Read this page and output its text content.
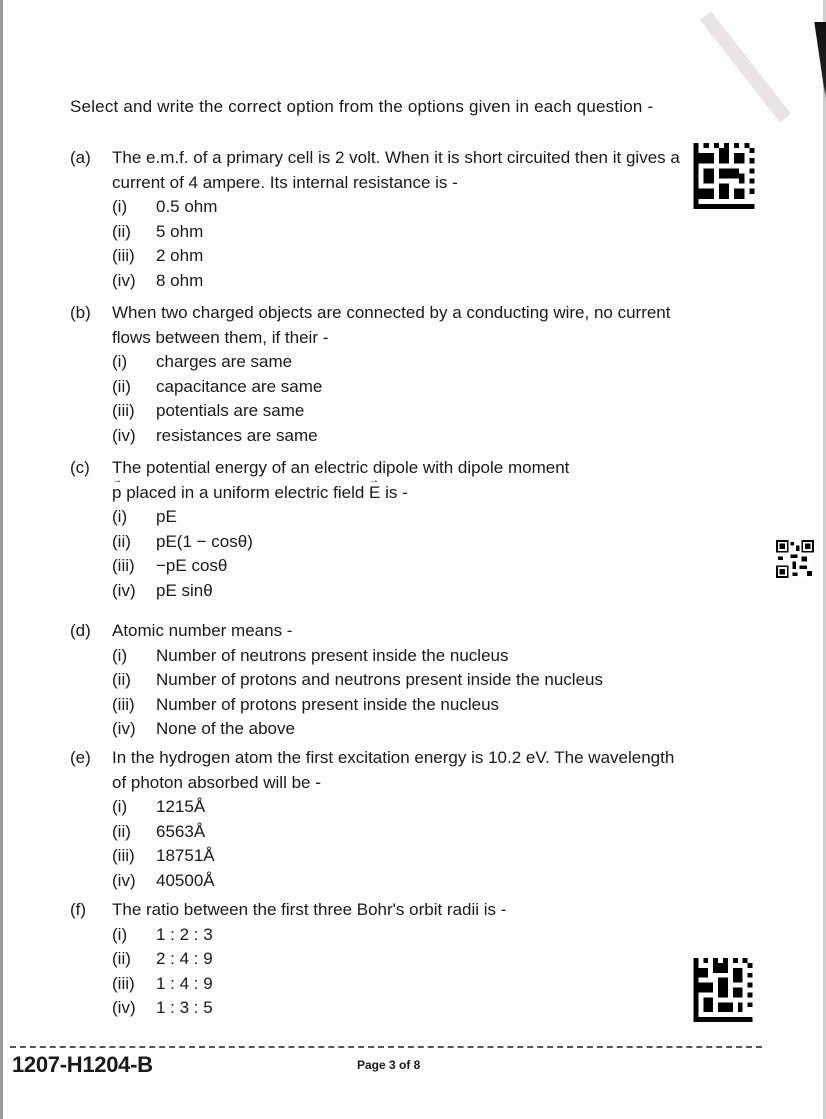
Select and write the correct option from the options given in each question -
(a)	The e.m.f. of a primary cell is 2 volt. When it is short circuited then it gives a current of 4 ampere. Its internal resistance is -
(i)	0.5 ohm
(ii)	5 ohm
(iii)	2 ohm
(iv)	8 ohm
(b)	When two charged objects are connected by a conducting wire, no current flows between them, if their -
(i)	charges are same
(ii)	capacitance are same
(iii)	potentials are same
(iv)	resistances are same
(c)	The potential energy of an electric dipole with dipole moment
→ p placed in a uniform electric field → E is -
(i)	pE
(ii)	pE(1 − cosθ)
(iii)	−pE cosθ
(iv)	pE sinθ
(d)	Atomic number means -
(i)	Number of neutrons present inside the nucleus
(ii)	Number of protons and neutrons present inside the nucleus
(iii)	Number of protons present inside the nucleus
(iv)	None of the above
(e)	In the hydrogen atom the first excitation energy is 10.2 eV. The wavelength of photon absorbed will be -
(i)	1215Å
(ii)	6563Å
(iii)	18751Å
(iv)	40500Å
(f)	The ratio between the first three Bohr's orbit radii is -
(i)	1 : 2 : 3
(ii)	2 : 4 : 9
(iii)	1 : 4 : 9
(iv)	1 : 3 : 5
1207-H1204-B	Page 3 of 8
